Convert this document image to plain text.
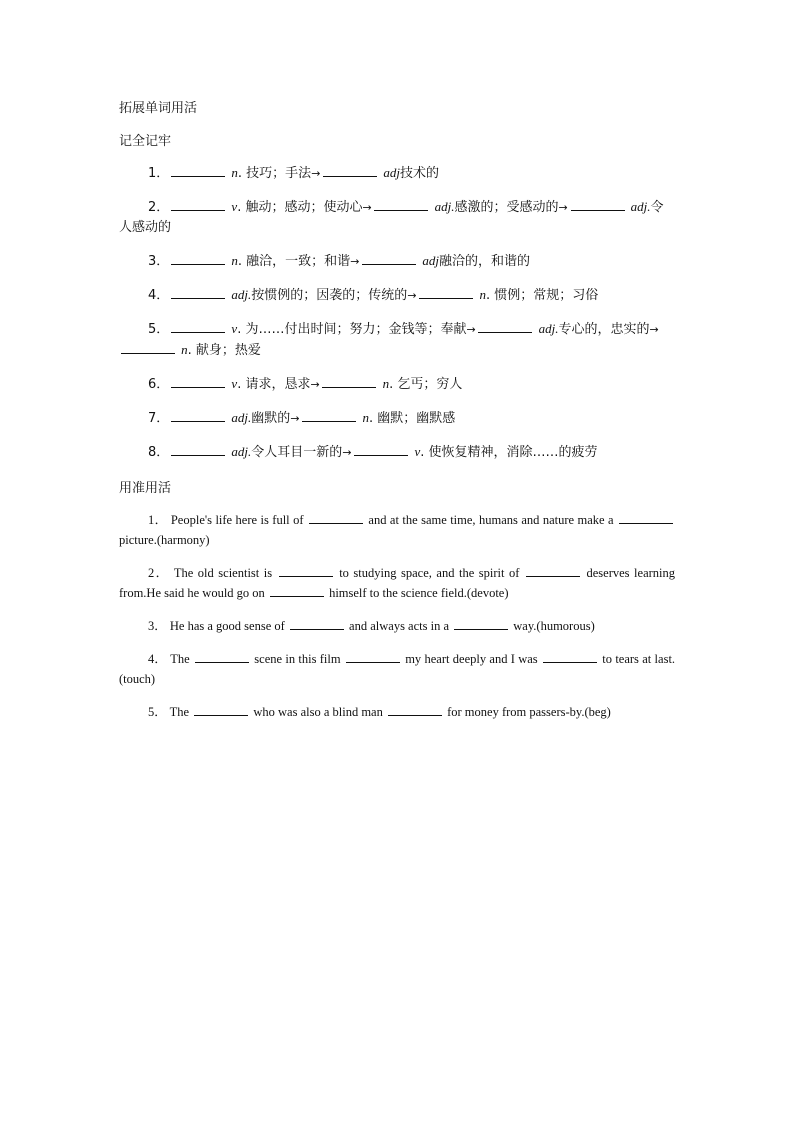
拓展单词用活

记全记牢

1．	n. 技巧；手法 →	adj技术的

2．	v. 触动；感动；使动心 →	adj.感激的；受感动的→	adj.令人感动的

3．	n. 融洽，一致；和谐 →	adj融洽的，和谐的

4．	adj.按惯例的；因袭的；传统的 →	n. 惯例；常规；习俗

5．	v. 为……付出时间；努力；金钱等；奉献 →	adj.专心的，忠实的→ n. 献身；热爱

6．	v. 请求，恳求 →	n. 乞丐；穷人

7．	adj.幽默的 →	n. 幽默；幽默感

8．	adj.令人耳目一新的 →	v. 使恢复精神，消除……的疲劳

用准用活

1． People's life here is full of	and at the same time, humans and nature make a  picture.(harmony)

2． The old scientist is	to studying space, and the spirit of	deserves learning from.He said he would go on	himself to the science field.(devote)

3． He has a good sense of	and always acts in a	way.(humorous)

4． The	scene in this film	my heart deeply and I was	to tears at last.(touch)

5． The	who was also a blind man	for money from passers-by.(beg)
